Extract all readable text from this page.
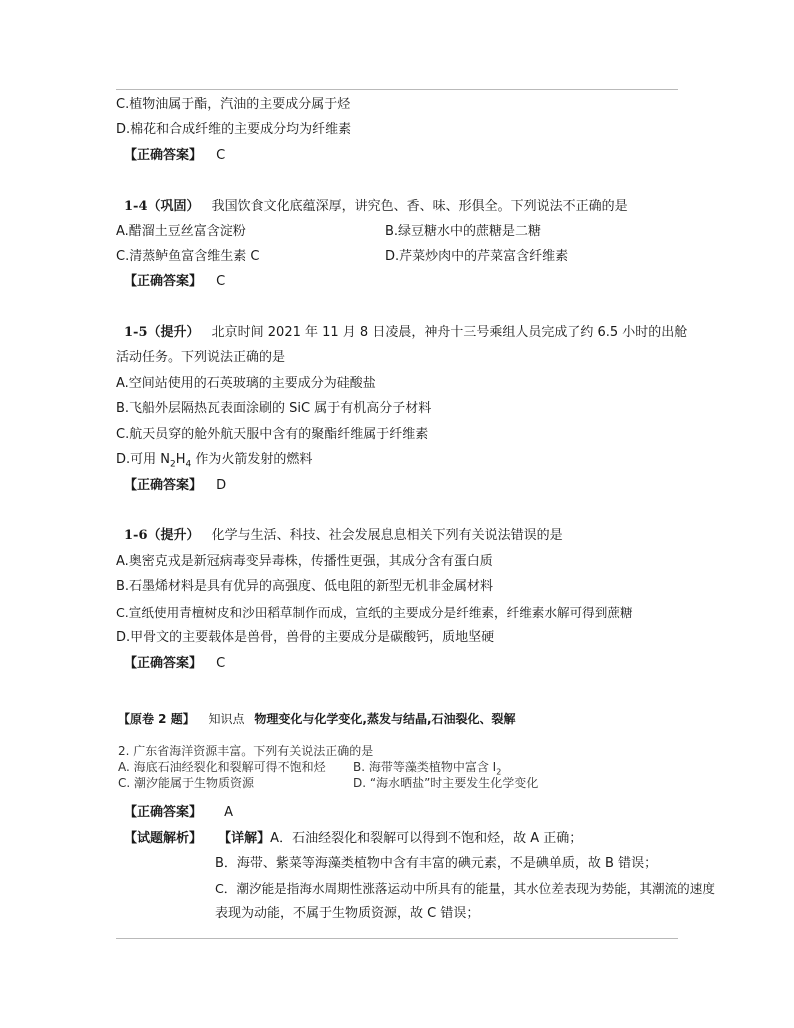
C.植物油属于酯，汽油的主要成分属于烃
D.棉花和合成纤维的主要成分均为纤维素
【正确答案】 C
1-4（巩固） 我国饮食文化底蕴深厚，讲究色、香、味、形俱全。下列说法不正确的是
A.醋溜土豆丝富含淀粉	B.绿豆糖水中的蔗糖是二糖
C.清蒸鲈鱼富含维生素 C	D.芹菜炒肉中的芹菜富含纤维素
【正确答案】 C
1-5（提升） 北京时间 2021 年 11 月 8 日凌晨，神舟十三号乘组人员完成了约 6.5 小时的出舱
活动任务。下列说法正确的是
A.空间站使用的石英玻璃的主要成分为硅酸盐
B.飞船外层隔热瓦表面涂刷的 SiC 属于有机高分子材料
C.航天员穿的舱外航天服中含有的聚酯纤维属于纤维素
D.可用 $N_2H_4$ 作为火箭发射的燃料
【正确答案】 D
1-6（提升） 化学与生活、科技、社会发展息息相关下列有关说法错误的是
A.奥密克戎是新冠病毒变异毒株，传播性更强，其成分含有蛋白质
B.石墨烯材料是具有优异的高强度、低电阻的新型无机非金属材料
C.宣纸使用青檀树皮和沙田稻草制作而成，宣纸的主要成分是纤维素，纤维素水解可得到蔗糖
D.甲骨文的主要载体是兽骨，兽骨的主要成分是碳酸钙，质地坚硬
【正确答案】 C
【原卷 2 题】 知识点 物理变化与化学变化,蒸发与结晶,石油裂化、裂解
2. 广东省海洋资源丰富。下列有关说法正确的是
A. 海底石油经裂化和裂解可得不饱和烃 B. 海带等藻类植物中富含 $I_2$
C. 潮汐能属于生物质资源	D. “海水晒盐”时主要发生化学变化
【正确答案】 A
【试题解析】 【详解】A．石油经裂化和裂解可以得到不饱和烃，故 A 正确；
B．海带、紫菜等海藻类植物中含有丰富的碘元素，不是碘单质，故 B 错误；
C．潮汐能是指海水周期性涨落运动中所具有的能量，其水位差表现为势能，其潮流的速度
表现为动能，不属于生物质资源，故 C 错误；
